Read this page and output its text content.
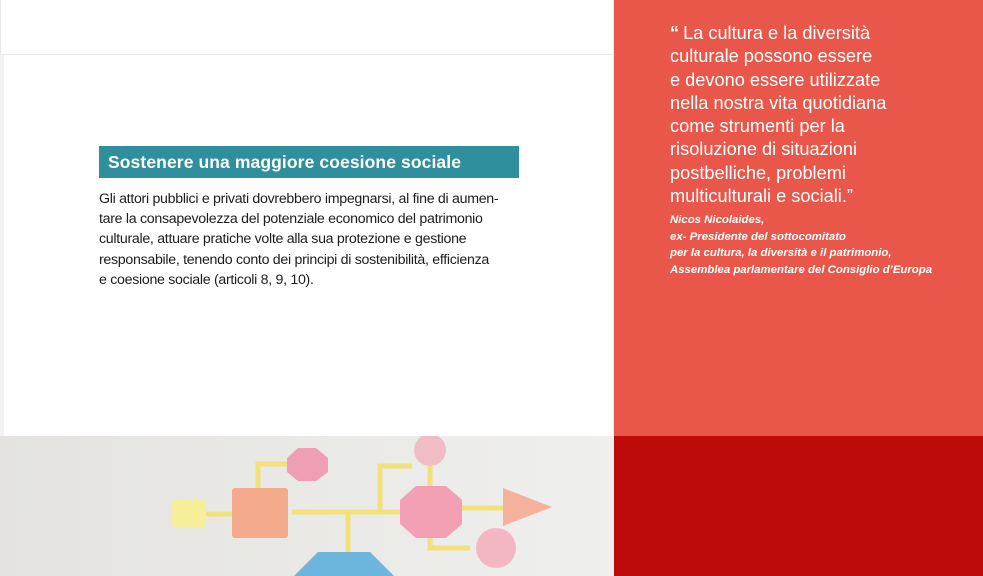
Sostenere una maggiore coesione sociale
Gli attori pubblici e privati dovrebbero impegnarsi, al fine di aumen-
tare la consapevolezza del potenziale economico del patrimonio
culturale, attuare pratiche volte alla sua protezione e gestione
responsabile, tenendo conto dei principi di sostenibilità, efficienza
e coesione sociale (articoli 8, 9, 10).
“ La cultura e la diversità
culturale possono essere
e devono essere utilizzate
nella nostra vita quotidiana
come strumenti per la
risoluzione di situazioni
postbelliche, problemi
multiculturali e sociali.”
Nicos Nicolaides,
ex- Presidente del sottocomitato
per la cultura, la diversità e il patrimonio,
Assemblea parlamentare del Consiglio d’Europa
